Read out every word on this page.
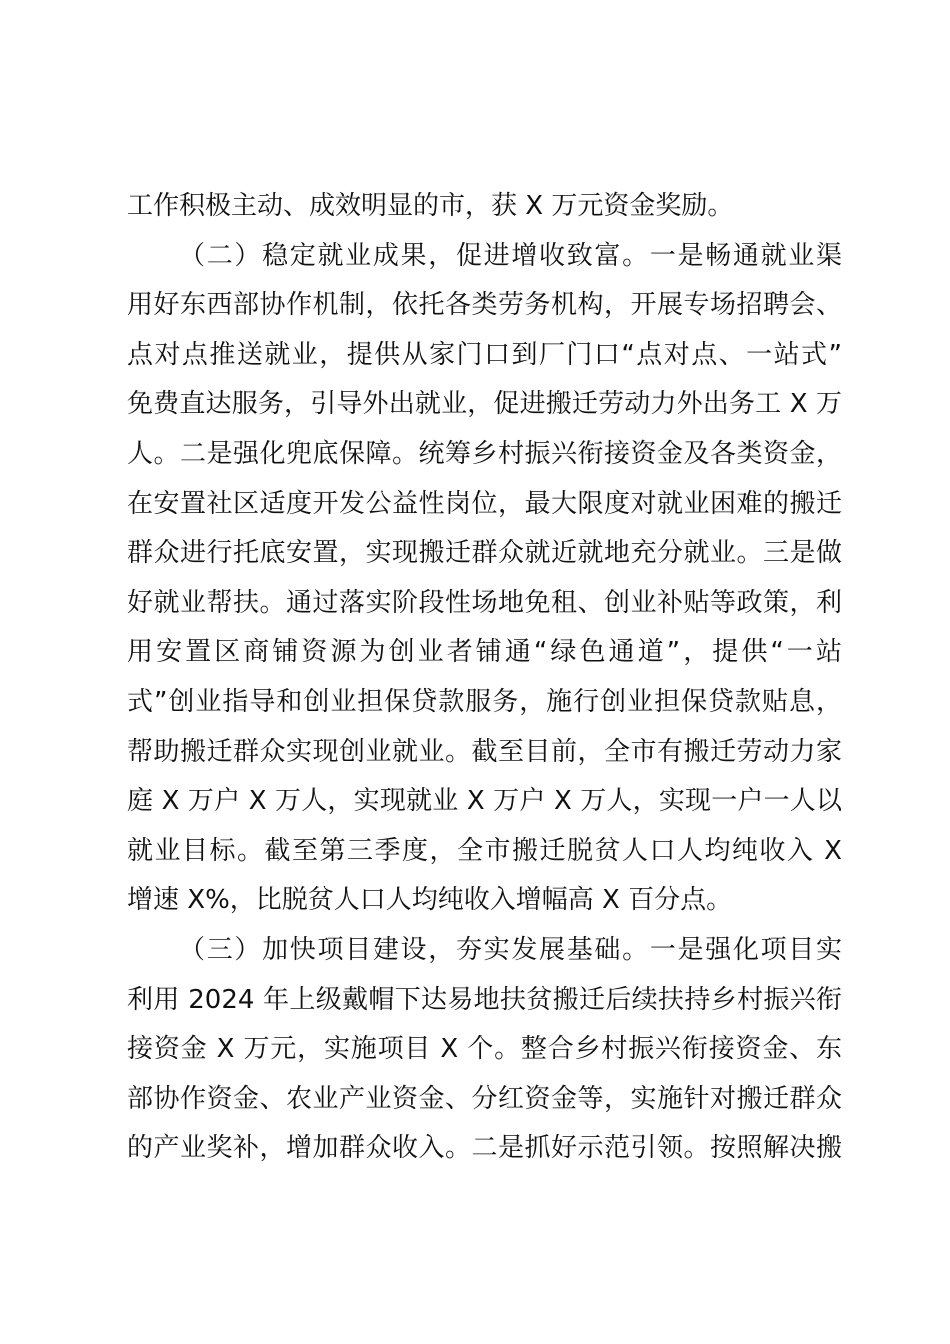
工作积极主动、成效明显的市，获 X 万元资金奖励。
（二）稳定就业成果，促进增收致富。一是畅通就业渠
用好东西部协作机制，依托各类劳务机构，开展专场招聘会、
点对点推送就业，提供从家门口到厂门口“点对点、一站式”
免费直达服务，引导外出就业，促进搬迁劳动力外出务工 X 万
人。二是强化兜底保障。统筹乡村振兴衔接资金及各类资金，
在安置社区适度开发公益性岗位，最大限度对就业困难的搬迁
群众进行托底安置，实现搬迁群众就近就地充分就业。三是做
好就业帮扶。通过落实阶段性场地免租、创业补贴等政策，利
用安置区商铺资源为创业者铺通“绿色通道”，提供“一站
式”创业指导和创业担保贷款服务，施行创业担保贷款贴息，
帮助搬迁群众实现创业就业。截至目前，全市有搬迁劳动力家
庭 X 万户 X 万人，实现就业 X 万户 X 万人，实现一户一人以
就业目标。截至第三季度，全市搬迁脱贫人口人均纯收入 X
增速 X%，比脱贫人口人均纯收入增幅高 X 百分点。
（三）加快项目建设，夯实发展基础。一是强化项目实
利用 2024 年上级戴帽下达易地扶贫搬迁后续扶持乡村振兴衔
接资金 X 万元，实施项目 X 个。整合乡村振兴衔接资金、东
部协作资金、农业产业资金、分红资金等，实施针对搬迁群众
的产业奖补，增加群众收入。二是抓好示范引领。按照解决搬
